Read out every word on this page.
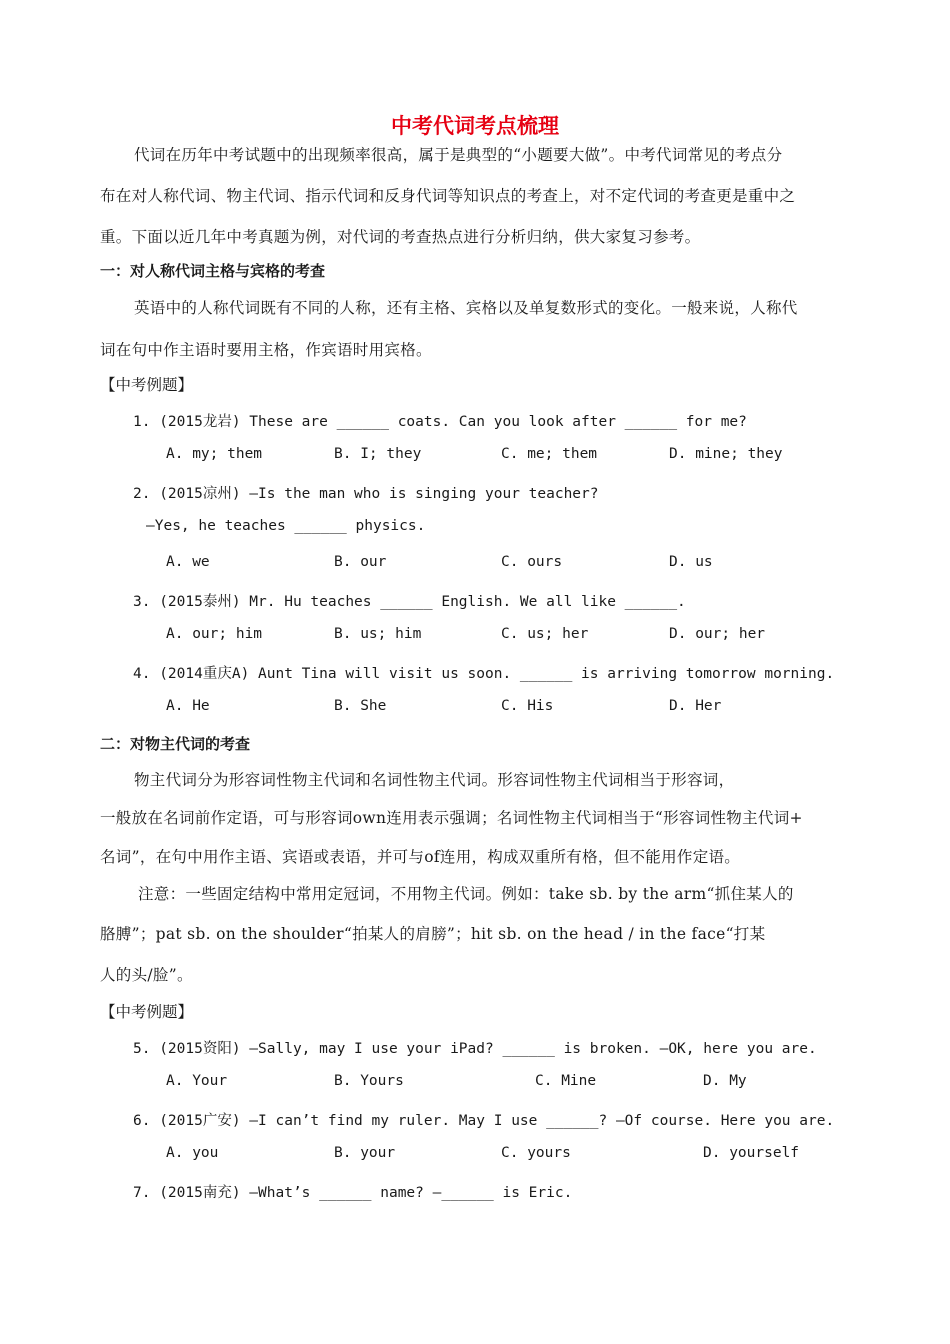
中考代词考点梳理
代词在历年中考试题中的出现频率很高，属于是典型的“小题要大做”。中考代词常见的考点分
布在对人称代词、物主代词、指示代词和反身代词等知识点的考查上，对不定代词的考查更是重中之
重。下面以近几年中考真题为例，对代词的考查热点进行分析归纳，供大家复习参考。
一：对人称代词主格与宾格的考查
英语中的人称代词既有不同的人称，还有主格、宾格以及单复数形式的变化。一般来说，人称代
词在句中作主语时要用主格，作宾语时用宾格。
【中考例题】
1. (2015龙岩) These are ______ coats. Can you look after ______ for me?
A. my; them	B. I; they	C. me; them	D. mine; they
2. (2015凉州) —Is the man who is singing your teacher?
—Yes, he teaches ______ physics.
A. we	B. our	C. ours	D. us
3. (2015泰州) Mr. Hu teaches ______ English. We all like ______.
A. our; him	B. us; him	C. us; her	D. our; her
4. (2014重庆A) Aunt Tina will visit us soon. ______ is arriving tomorrow morning.
A. He	B. She	C. His	D. Her
二：对物主代词的考查
物主代词分为形容词性物主代词和名词性物主代词。形容词性物主代词相当于形容词，
一般放在名词前作定语，可与形容词own连用表示强调；名词性物主代词相当于“形容词性物主代词+
名词”，在句中用作主语、宾语或表语，并可与of连用，构成双重所有格，但不能用作定语。
注意：一些固定结构中常用定冠词，不用物主代词。例如：take sb. by the arm“抓住某人的
胳膊”；pat sb. on the shoulder“拍某人的肩膀”；hit sb. on the head / in the face“打某
人的头/脸”。
【中考例题】
5. (2015资阳) —Sally, may I use your iPad? ______ is broken. —OK, here you are.
A. Your	B. Yours	C. Mine	D. My
6. (2015广安) —I can’t find my ruler. May I use ______? —Of course. Here you are.
A. you	B. your	C. yours	D. yourself
7. (2015南充) —What’s ______ name? —______ is Eric.
